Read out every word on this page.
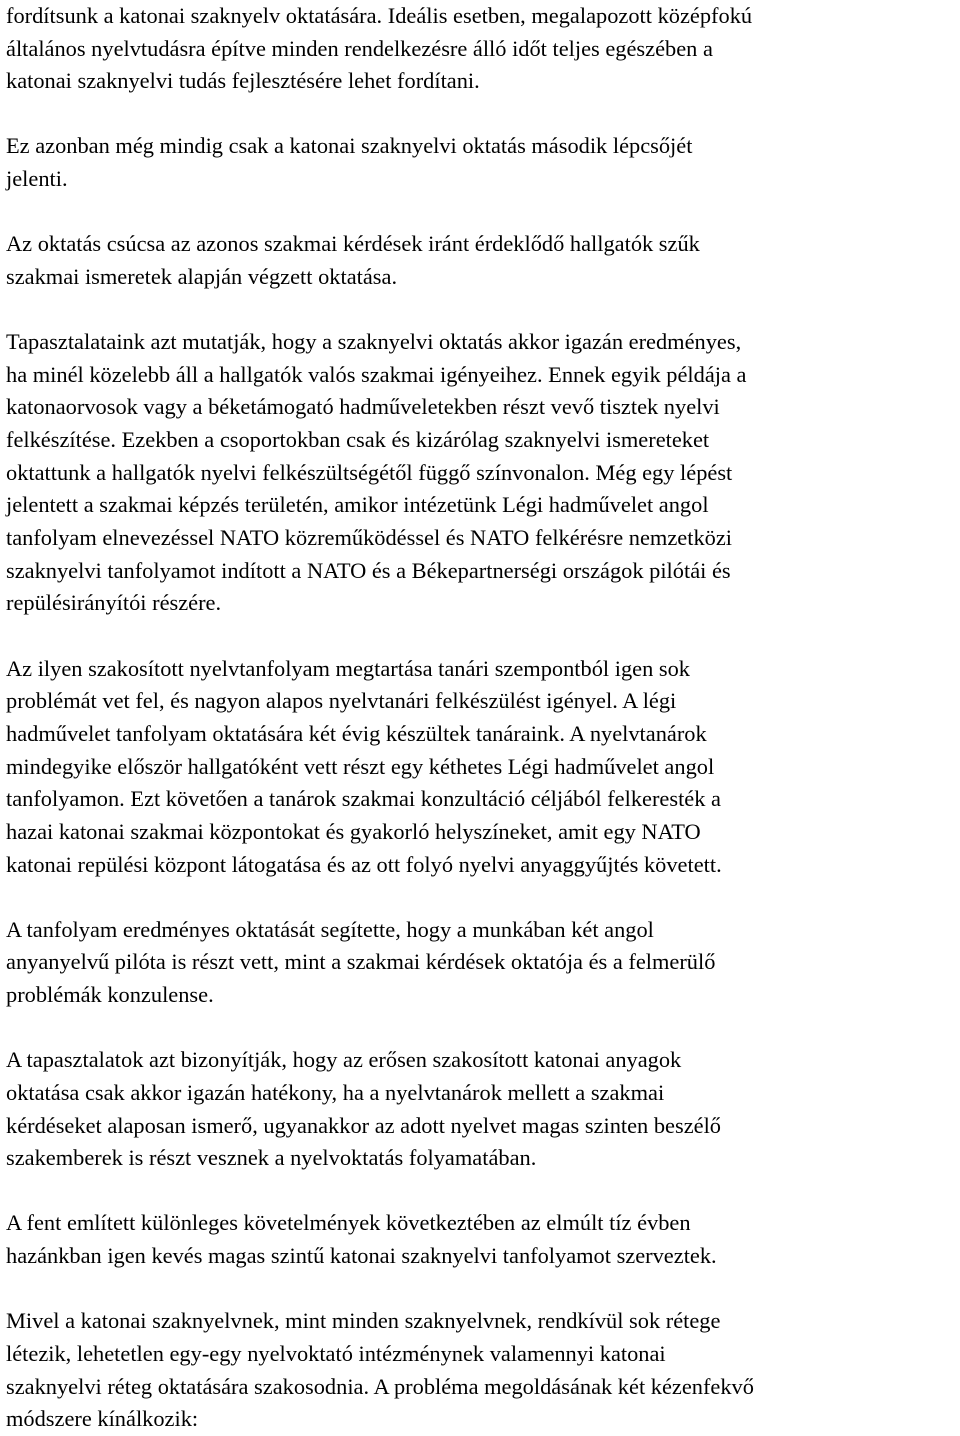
fordítsunk a katonai szaknyelv oktatására. Ideális esetben, megalapozott középfokú
általános nyelvtudásra építve minden rendelkezésre álló időt teljes egészében a
katonai szaknyelvi tudás fejlesztésére lehet fordítani.
Ez azonban még mindig csak a katonai szaknyelvi oktatás második lépcsőjét
jelenti.
Az oktatás csúcsa az azonos szakmai kérdések iránt érdeklődő hallgatók szűk
szakmai ismeretek alapján végzett oktatása.
Tapasztalataink azt mutatják, hogy a szaknyelvi oktatás akkor igazán eredményes,
ha minél közelebb áll a hallgatók valós szakmai igényeihez. Ennek egyik példája a
katonaorvosok vagy a béketámogató hadműveletekben részt vevő tisztek nyelvi
felkészítése. Ezekben a csoportokban csak és kizárólag szaknyelvi ismereteket
oktattunk a hallgatók nyelvi felkészültségétől függő színvonalon. Még egy lépést
jelentett a szakmai képzés területén, amikor intézetünk Légi hadművelet angol
tanfolyam elnevezéssel NATO közreműködéssel és NATO felkérésre nemzetközi
szaknyelvi tanfolyamot indított a NATO és a Békepartnerségi országok pilótái és
repülésirányítói részére.
Az ilyen szakosított nyelvtanfolyam megtartása tanári szempontból igen sok
problémát vet fel, és nagyon alapos nyelvtanári felkészülést igényel. A légi
hadművelet tanfolyam oktatására két évig készültek tanáraink. A nyelvtanárok
mindegyike először hallgatóként vett részt egy kéthetes Légi hadművelet angol
tanfolyamon. Ezt követően a tanárok szakmai konzultáció céljából felkeresték a
hazai katonai szakmai központokat és gyakorló helyszíneket, amit egy NATO
katonai repülési központ látogatása és az ott folyó nyelvi anyaggyűjtés követett.
A tanfolyam eredményes oktatását segítette, hogy a munkában két angol
anyanyelvű pilóta is részt vett, mint a szakmai kérdések oktatója és a felmerülő
problémák konzulense.
A tapasztalatok azt bizonyítják, hogy az erősen szakosított katonai anyagok
oktatása csak akkor igazán hatékony, ha a nyelvtanárok mellett a szakmai
kérdéseket alaposan ismerő, ugyanakkor az adott nyelvet magas szinten beszélő
szakemberek is részt vesznek a nyelvoktatás folyamatában.
A fent említett különleges követelmények következtében az elmúlt tíz évben
hazánkban igen kevés magas szintű katonai szaknyelvi tanfolyamot szerveztek.
Mivel a katonai szaknyelvnek, mint minden szaknyelvnek, rendkívül sok rétege
létezik, lehetetlen egy-egy nyelvoktató intézménynek valamennyi katonai
szaknyelvi réteg oktatására szakosodnia. A probléma megoldásának két kézenfekvő
módszere kínálkozik:
